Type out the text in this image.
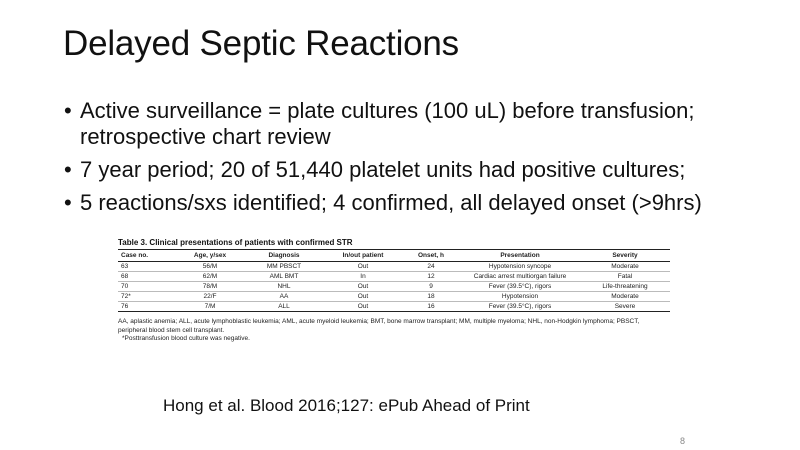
Delayed Septic Reactions
• Active surveillance = plate cultures (100 uL) before transfusion; retrospective chart review
• 7 year period; 20 of 51,440 platelet units had positive cultures;
• 5 reactions/sxs identified; 4 confirmed, all delayed onset (>9hrs)
Table 3. Clinical presentations of patients with confirmed STR
Case no.	Age, y/sex	Diagnosis	In/out patient	Onset, h	Presentation	Severity
63	56/M	MM PBSCT	Out	24	Hypotension syncope	Moderate
68	62/M	AML BMT	In	12	Cardiac arrest multiorgan failure	Fatal
70	78/M	NHL	Out	9	Fever (39.5°C), rigors	Life-threatening
72*	22/F	AA	Out	18	Hypotension	Moderate
76	7/M	ALL	Out	16	Fever (39.5°C), rigors	Severe
AA, aplastic anemia; ALL, acute lymphoblastic leukemia; AML, acute myeloid leukemia; BMT, bone marrow transplant; MM, multiple myeloma; NHL, non-Hodgkin lymphoma; PBSCT, peripheral blood stem cell transplant.
*Posttransfusion blood culture was negative.
Hong et al. Blood 2016;127: ePub Ahead of Print
8
